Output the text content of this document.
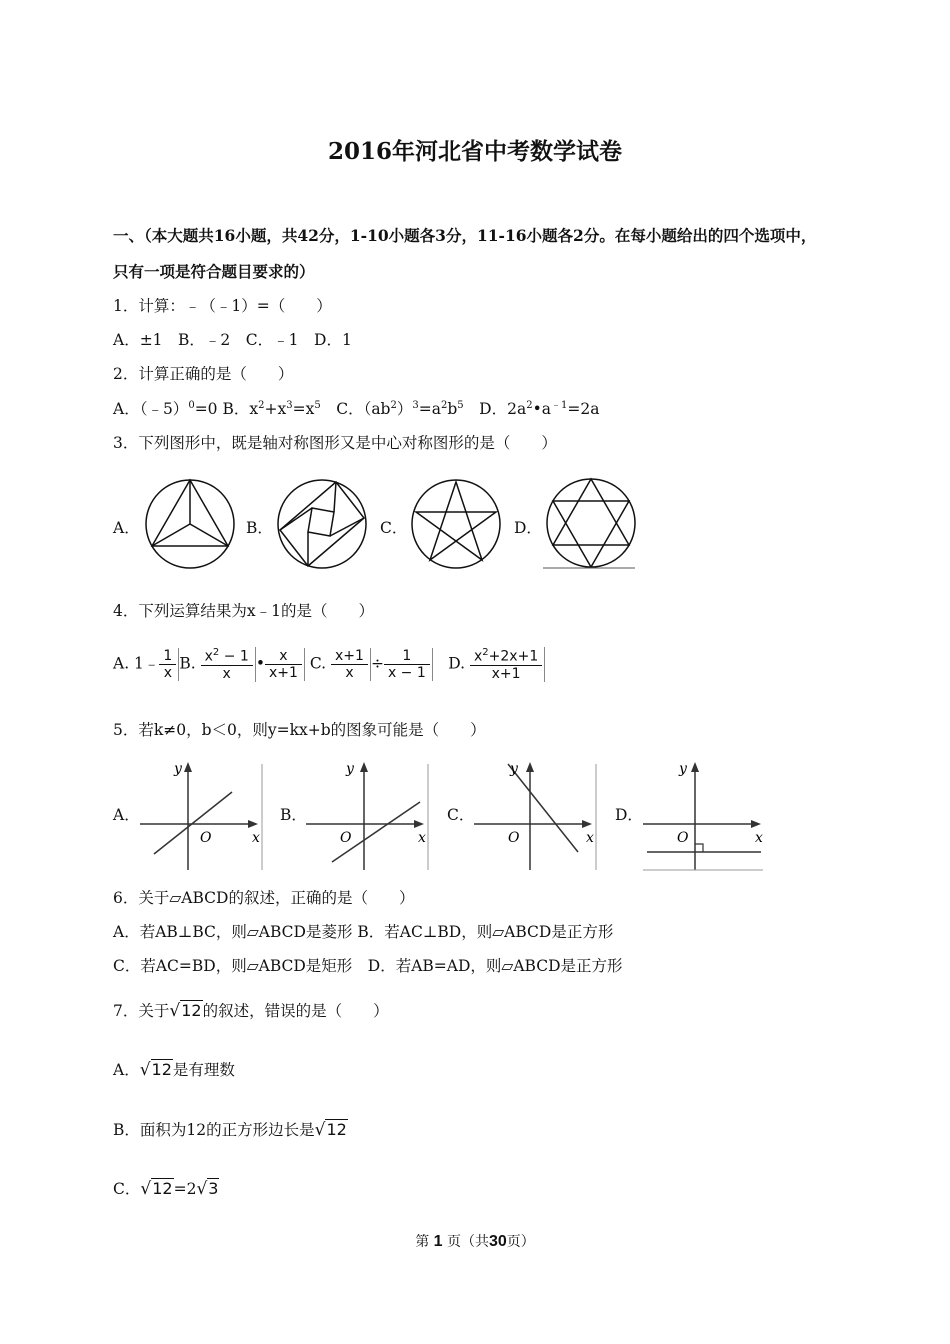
2016年河北省中考数学试卷
一、（本大题共16小题，共42分，1-10小题各3分，11-16小题各2分。在每小题给出的四个选项中，
只有一项是符合题目要求的）
1．计算：﹣（﹣1）=（　　）
A．±1　B．﹣2　C．﹣1　D．1
2．计算正确的是（　　）
A．（﹣5）$^0$=0 B．$x^2+x^3=x^5$　C．$(ab^2)^3=a^2b^5$　D．$2a^2•a^{﹣1}=2a$
3．下列图形中，既是轴对称图形又是中心对称图形的是（　　）
A．	B．	C．	D．
4．下列运算结果为x﹣1的是（　　）
A. 1﹣ $\frac{1}{x} B$. $\frac{x^2 - 1}{x}$ • $\frac{x}{x+1} C$. $\frac{x+1}{x} \div \frac{1}{x - 1}$ 　D. $\frac{x^2+2x+1}{x+1}$
5．若k≠0，b＜0，则y=kx+b的图象可能是（　　）
A．
y
O	x
B．
y
O	x
C．
y
O	x
D．
y
O	x
6．关于▱ABCD的叙述，正确的是（　　）
A．若AB⊥BC，则▱ABCD是菱形 B．若AC⊥BD，则▱ABCD是正方形
C．若AC=BD，则▱ABCD是矩形　D．若AB=AD，则▱ABCD是正方形
7．关于√12的叙述，错误的是（　　）
A．√12是有理数
B．面积为12的正方形边长是√12
C．√12=2√3
第 1 页（共30页）
